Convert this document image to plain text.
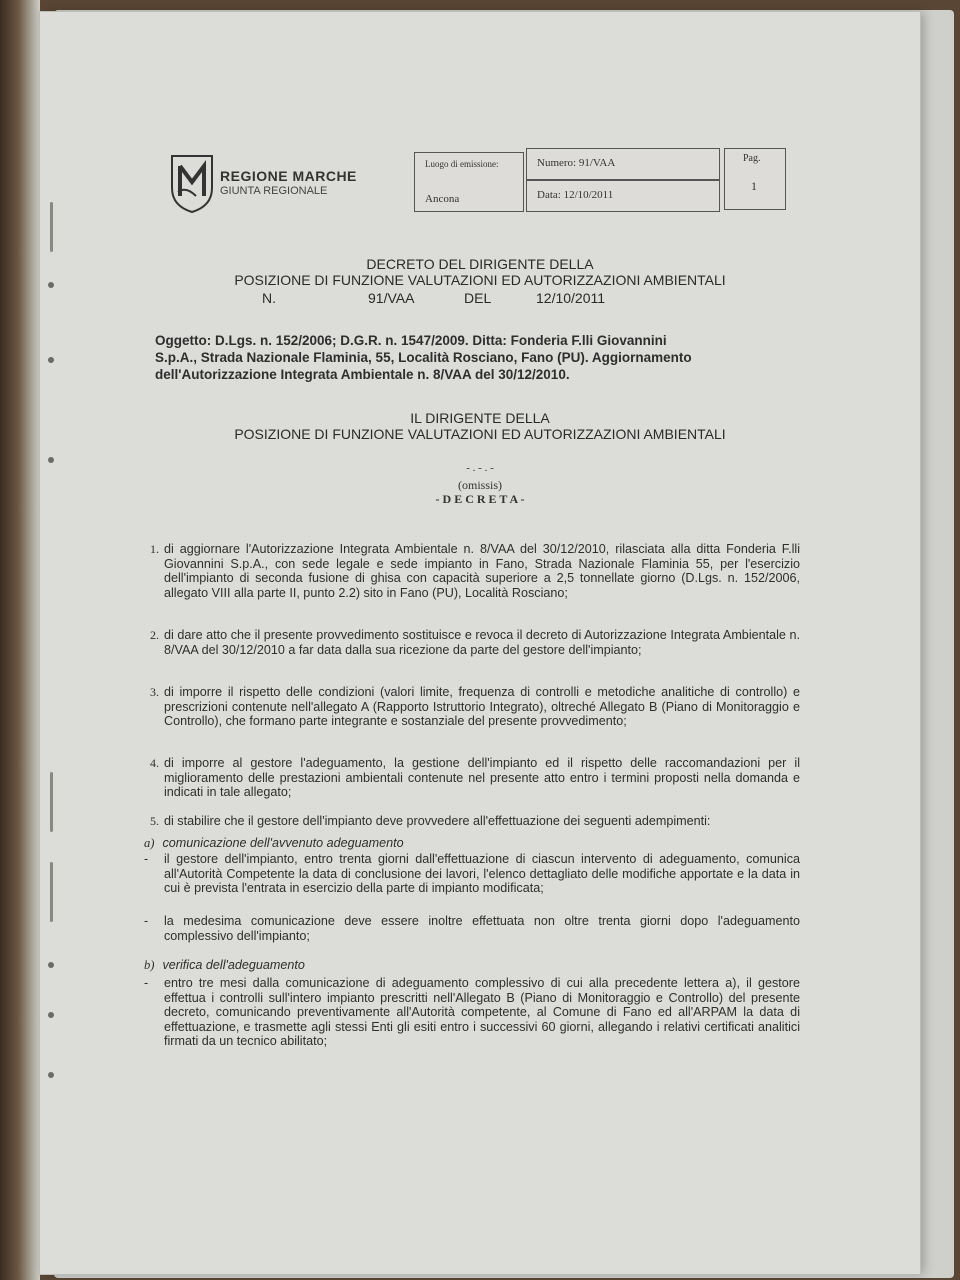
REGIONE MARCHE
GIUNTA REGIONALE
Luogo di emissione:
Ancona
Numero: 91/VAA
Data: 12/10/2011
Pag.
1
DECRETO DEL DIRIGENTE DELLA
POSIZIONE DI FUNZIONE VALUTAZIONI ED AUTORIZZAZIONI AMBIENTALI
N.	91/VAA	DEL	12/10/2011

Oggetto: D.Lgs. n. 152/2006; D.G.R. n. 1547/2009. Ditta: Fonderia F.lli Giovannini

S.p.A., Strada Nazionale Flaminia, 55, Località Rosciano, Fano (PU). Aggiornamento

dell'Autorizzazione Integrata Ambientale n. 8/VAA del 30/12/2010.

IL DIRIGENTE DELLA
POSIZIONE DI FUNZIONE VALUTAZIONI ED AUTORIZZAZIONI AMBIENTALI
- . - . -
(omissis)
- D E C R E T A -
1. di aggiornare l'Autorizzazione Integrata Ambientale n. 8/VAA del 30/12/2010, rilasciata alla ditta Fonderia F.lli Giovannini S.p.A., con sede legale e sede impianto in Fano, Strada Nazionale Flaminia 55, per l'esercizio dell'impianto di seconda fusione di ghisa con capacità superiore a 2,5 tonnellate giorno (D.Lgs. n. 152/2006, allegato VIII alla parte II, punto 2.2) sito in Fano (PU), Località Rosciano;
2. di dare atto che il presente provvedimento sostituisce e revoca il decreto di Autorizzazione Integrata Ambientale n. 8/VAA del 30/12/2010 a far data dalla sua ricezione da parte del gestore dell'impianto;
3. di imporre il rispetto delle condizioni (valori limite, frequenza di controlli e metodiche analitiche di controllo) e prescrizioni contenute nell'allegato A (Rapporto Istruttorio Integrato), oltreché Allegato B (Piano di Monitoraggio e Controllo), che formano parte integrante e sostanziale del presente provvedimento;
4. di imporre al gestore l'adeguamento, la gestione dell'impianto ed il rispetto delle raccomandazioni per il miglioramento delle prestazioni ambientali contenute nel presente atto entro i termini proposti nella domanda e indicati in tale allegato;
5. di stabilire che il gestore dell'impianto deve provvedere all'effettuazione dei seguenti adempimenti:
a) comunicazione dell'avvenuto adeguamento
- il gestore dell'impianto, entro trenta giorni dall'effettuazione di ciascun intervento di adeguamento, comunica all'Autorità Competente la data di conclusione dei lavori, l'elenco dettagliato delle modifiche apportate e la data in cui è prevista l'entrata in esercizio della parte di impianto modificata;
- la medesima comunicazione deve essere inoltre effettuata non oltre trenta giorni dopo l'adeguamento complessivo dell'impianto;
b) verifica dell'adeguamento
- entro tre mesi dalla comunicazione di adeguamento complessivo di cui alla precedente lettera a), il gestore effettua i controlli sull'intero impianto prescritti nell'Allegato B (Piano di Monitoraggio e Controllo) del presente decreto, comunicando preventivamente all'Autorità competente, al Comune di Fano ed all'ARPAM la data di effettuazione, e trasmette agli stessi Enti gli esiti entro i successivi 60 giorni, allegando i relativi certificati analitici firmati da un tecnico abilitato;
